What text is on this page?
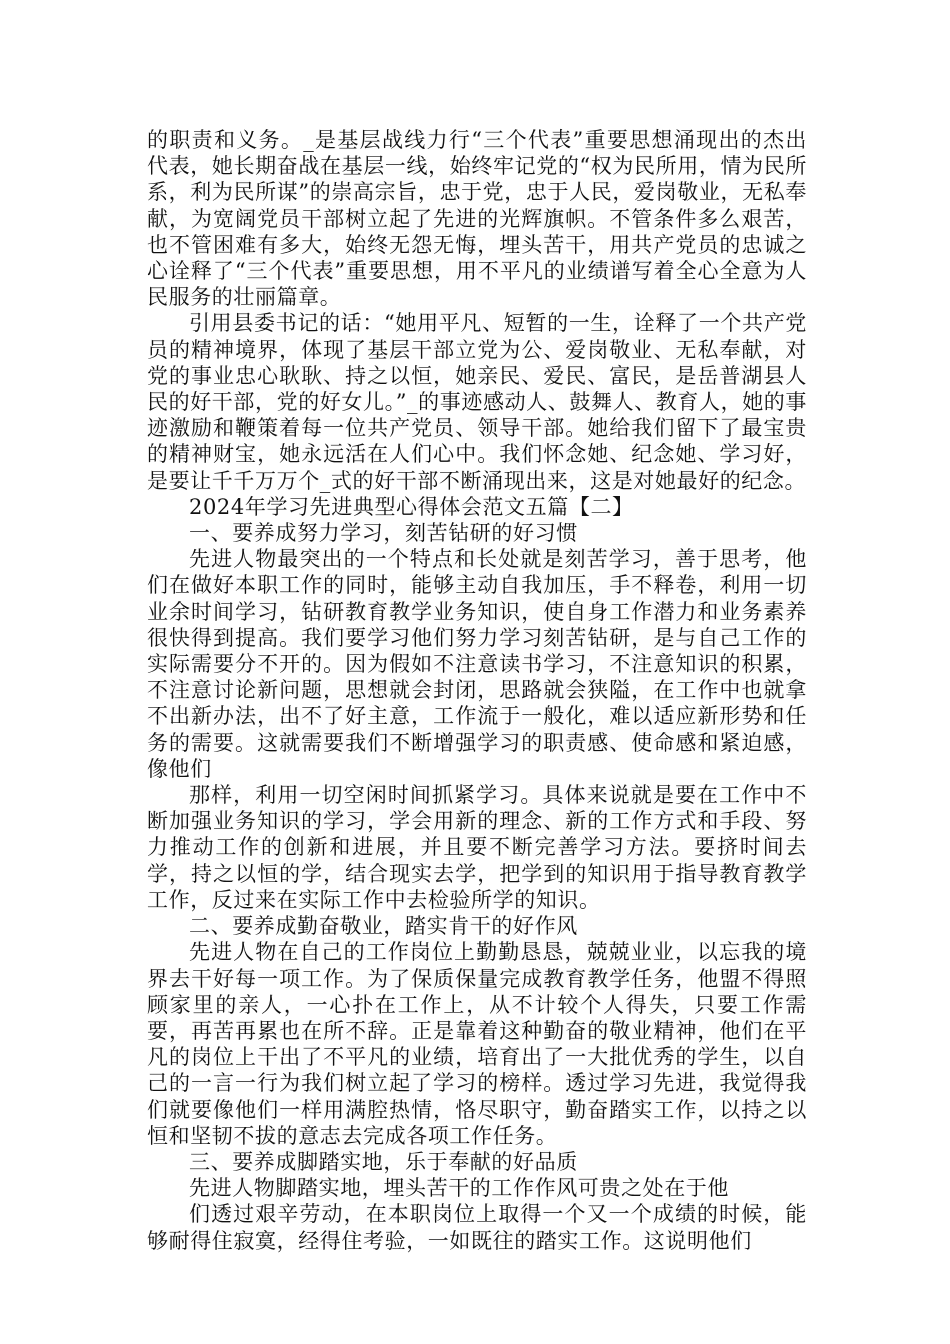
的职责和义务。_是基层战线力行“三个代表”重要思想涌现出的杰出代表，她长期奋战在基层一线，始终牢记党的“权为民所用，情为民所系，利为民所谋”的崇高宗旨，忠于党，忠于人民，爱岗敬业，无私奉献，为宽阔党员干部树立起了先进的光辉旗帜。不管条件多么艰苦，也不管困难有多大，始终无怨无悔，埋头苦干，用共产党员的忠诚之心诠释了“三个代表”重要思想，用不平凡的业绩谱写着全心全意为人民服务的壮丽篇章。

引用县委书记的话：“她用平凡、短暂的一生，诠释了一个共产党员的精神境界，体现了基层干部立党为公、爱岗敬业、无私奉献，对党的事业忠心耿耿、持之以恒，她亲民、爱民、富民，是岳普湖县人民的好干部，党的好女儿。”_的事迹感动人、鼓舞人、教育人，她的事迹激励和鞭策着每一位共产党员、领导干部。她给我们留下了最宝贵的精神财宝，她永远活在人们心中。我们怀念她、纪念她、学习好，是要让千千万万个_式的好干部不断涌现出来，这是对她最好的纪念。

2024年学习先进典型心得体会范文五篇【二】

一、要养成努力学习，刻苦钻研的好习惯

先进人物最突出的一个特点和长处就是刻苦学习，善于思考，他们在做好本职工作的同时，能够主动自我加压，手不释卷，利用一切业余时间学习，钻研教育教学业务知识，使自身工作潜力和业务素养很快得到提高。我们要学习他们努力学习刻苦钻研，是与自己工作的实际需要分不开的。因为假如不注意读书学习，不注意知识的积累，不注意讨论新问题，思想就会封闭，思路就会狭隘，在工作中也就拿不出新办法，出不了好主意，工作流于一般化，难以适应新形势和任务的需要。这就需要我们不断增强学习的职责感、使命感和紧迫感，像他们

那样，利用一切空闲时间抓紧学习。具体来说就是要在工作中不断加强业务知识的学习，学会用新的理念、新的工作方式和手段、努力推动工作的创新和进展，并且要不断完善学习方法。要挤时间去学，持之以恒的学，结合现实去学，把学到的知识用于指导教育教学工作，反过来在实际工作中去检验所学的知识。

二、要养成勤奋敬业，踏实肯干的好作风

先进人物在自己的工作岗位上勤勤恳恳，兢兢业业，以忘我的境界去干好每一项工作。为了保质保量完成教育教学任务，他盟不得照顾家里的亲人，一心扑在工作上，从不计较个人得失，只要工作需要，再苦再累也在所不辞。正是靠着这种勤奋的敬业精神，他们在平凡的岗位上干出了不平凡的业绩，培育出了一大批优秀的学生，以自己的一言一行为我们树立起了学习的榜样。透过学习先进，我觉得我们就要像他们一样用满腔热情，恪尽职守，勤奋踏实工作，以持之以恒和坚韧不拔的意志去完成各项工作任务。

三、要养成脚踏实地，乐于奉献的好品质

先进人物脚踏实地，埋头苦干的工作作风可贵之处在于他

们透过艰辛劳动，在本职岗位上取得一个又一个成绩的时候，能够耐得住寂寞，经得住考验，一如既往的踏实工作。这说明他们
